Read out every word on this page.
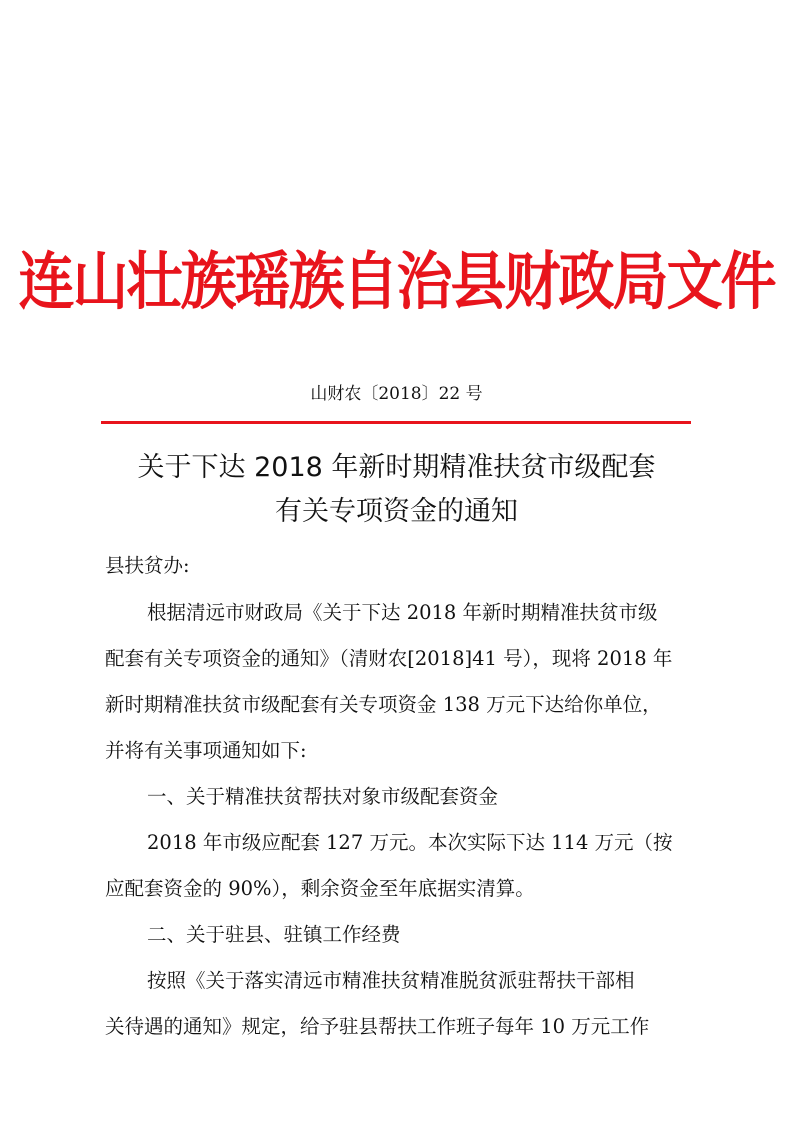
连山壮族瑶族自治县财政局文件
山财农〔2018〕22 号
关于下达 2018 年新时期精准扶贫市级配套
有关专项资金的通知
县扶贫办:
根据清远市财政局《关于下达 2018 年新时期精准扶贫市级
配套有关专项资金的通知》（清财农[2018]41 号），现将 2018 年
新时期精准扶贫市级配套有关专项资金 138 万元下达给你单位，
并将有关事项通知如下:
一、关于精准扶贫帮扶对象市级配套资金
2018 年市级应配套 127 万元。本次实际下达 114 万元（按
应配套资金的 90%），剩余资金至年底据实清算。
二、关于驻县、驻镇工作经费
按照《关于落实清远市精准扶贫精准脱贫派驻帮扶干部相
关待遇的通知》规定，给予驻县帮扶工作班子每年 10 万元工作
